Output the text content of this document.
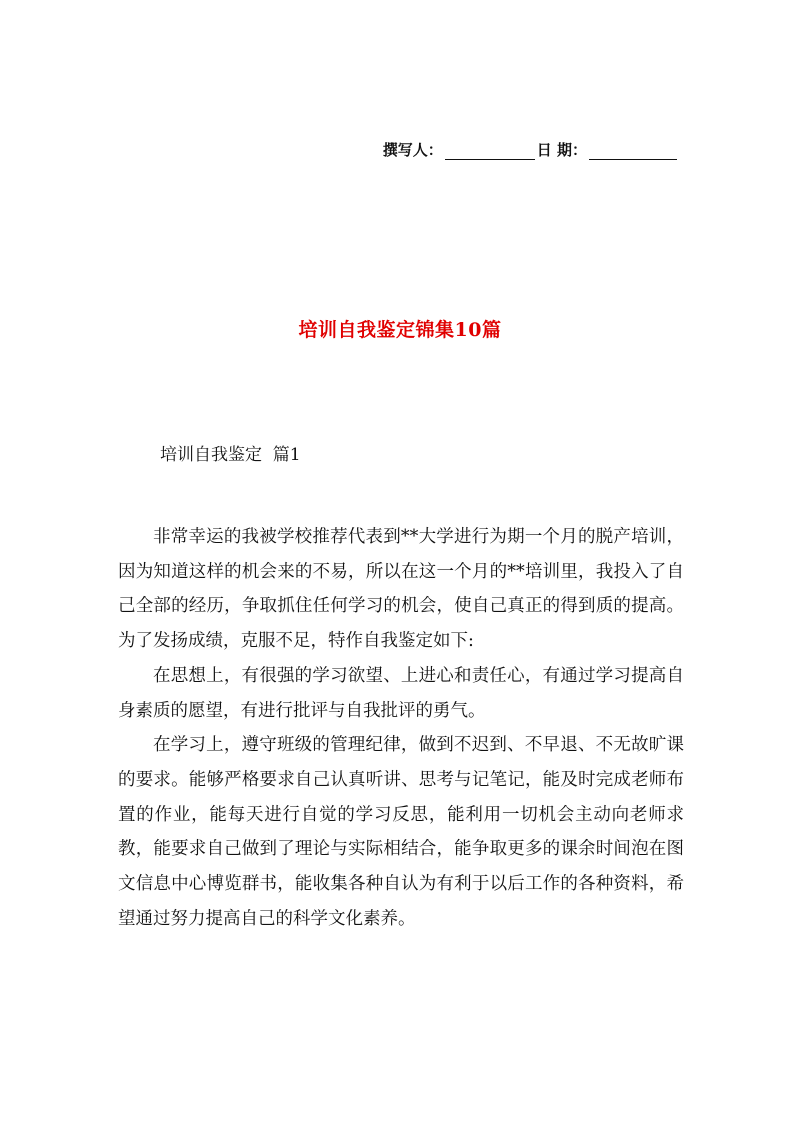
撰写人：	日 期：
培训自我鉴定锦集10篇
培训自我鉴定  篇1

非常幸运的我被学校推荐代表到**大学进行为期一个月的脱产培训，因为知道这样的机会来的不易，所以在这一个月的**培训里，我投入了自己全部的经历，争取抓住任何学习的机会，使自己真正的得到质的提高。为了发扬成绩，克服不足，特作自我鉴定如下:

在思想上，有很强的学习欲望、上进心和责任心，有通过学习提高自身素质的愿望，有进行批评与自我批评的勇气。

在学习上，遵守班级的管理纪律，做到不迟到、不早退、不无故旷课的要求。能够严格要求自己认真听讲、思考与记笔记，能及时完成老师布置的作业，能每天进行自觉的学习反思，能利用一切机会主动向老师求教，能要求自己做到了理论与实际相结合，能争取更多的课余时间泡在图文信息中心博览群书，能收集各种自认为有利于以后工作的各种资料，希望通过努力提高自己的科学文化素养。
